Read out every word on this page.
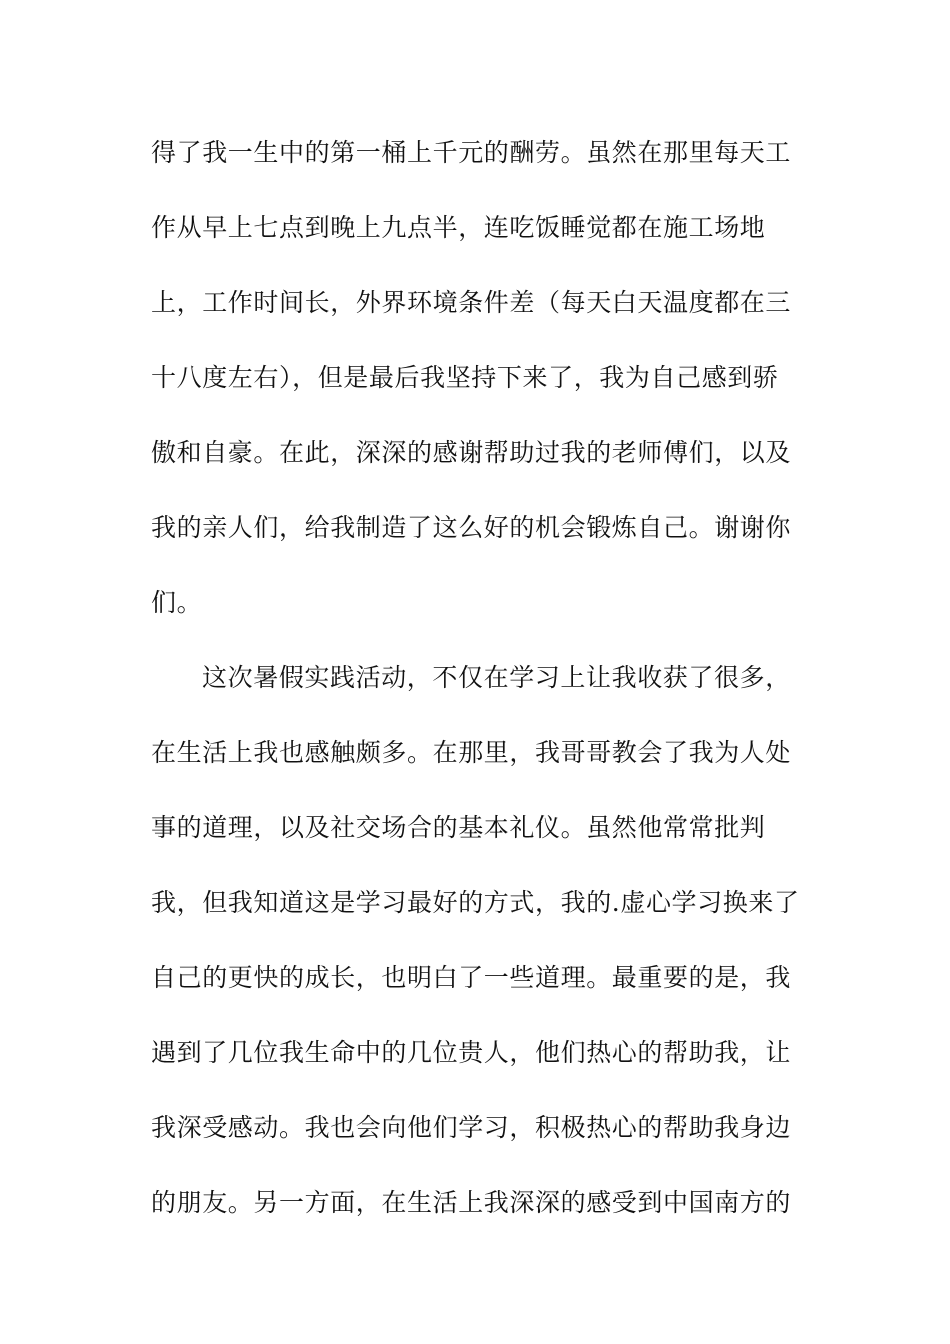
得了我一生中的第一桶上千元的酬劳。虽然在那里每天工
作从早上七点到晚上九点半，连吃饭睡觉都在施工场地
上，工作时间长，外界环境条件差（每天白天温度都在三
十八度左右），但是最后我坚持下来了，我为自己感到骄
傲和自豪。在此，深深的感谢帮助过我的老师傅们，以及
我的亲人们，给我制造了这么好的机会锻炼自己。谢谢你
们。
这次暑假实践活动，不仅在学习上让我收获了很多，
在生活上我也感触颇多。在那里，我哥哥教会了我为人处
事的道理，以及社交场合的基本礼仪。虽然他常常批判
我，但我知道这是学习最好的方式，我的.虚心学习换来了
自己的更快的成长，也明白了一些道理。最重要的是，我
遇到了几位我生命中的几位贵人，他们热心的帮助我，让
我深受感动。我也会向他们学习，积极热心的帮助我身边
的朋友。另一方面，在生活上我深深的感受到中国南方的
